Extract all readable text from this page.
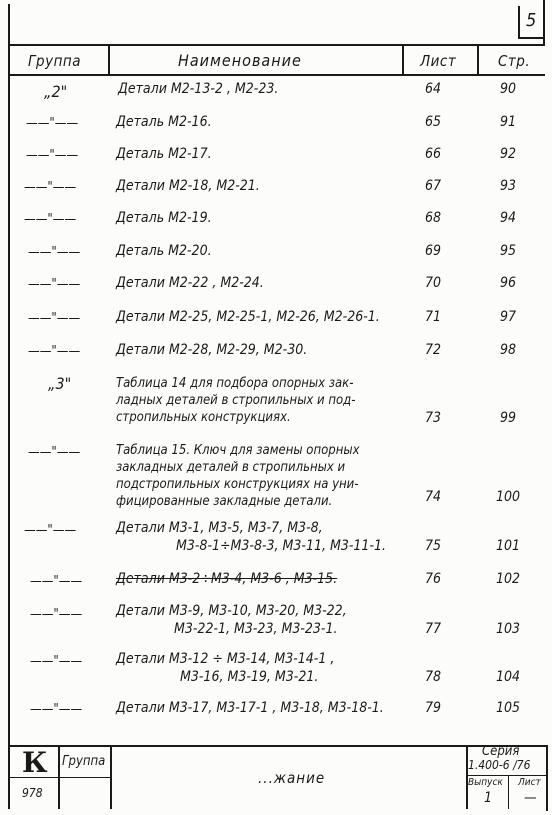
5
Группа	Наименование	Лист	Стр.
„2"	Детали М2-13-2 , М2-23.	64	90
——"——	Деталь М2-16.	65	91
——"——	Деталь М2-17.	66	92
——"——	Детали М2-18, М2-21.	67	93
——"——	Деталь М2-19.	68	94
——"——	Деталь М2-20.	69	95
——"——	Детали М2-22 , М2-24.	70	96
——"——	Детали М2-25, М2-25-1, М2-26, М2-26-1.	71	97
——"——	Детали М2-28, М2-29, М2-30.	72	98
„3"	Таблица 14 для подбора опорных зак-
ладных деталей в стропильных и под-
стропильных конструкциях.	73	99
——"——	Таблица 15. Ключ для замены опорных
закладных деталей в стропильных и
подстропильных конструкциях на уни-
фицированные закладные детали.	74	100
——"——	Детали М3-1, М3-5, М3-7, М3-8,
М3-8-1÷М3-8-3, М3-11, М3-11-1.	75	101
——"—— Детали М3-2÷М3-4, М3-6 , М3-15.	76	102
——"—— Детали М3-9, М3-10, М3-20, М3-22,
М3-22-1, М3-23, М3-23-1.	77	103
——"—— Детали М3-12 ÷ М3-14, М3-14-1 ,
М3-16, М3-19, М3-21.	78	104
——"—— Детали М3-17, М3-17-1 , М3-18, М3-18-1.	79	105
К Группа
978
...жание
Серия
1.400-6 /76
Выпуск Лист
1 —
